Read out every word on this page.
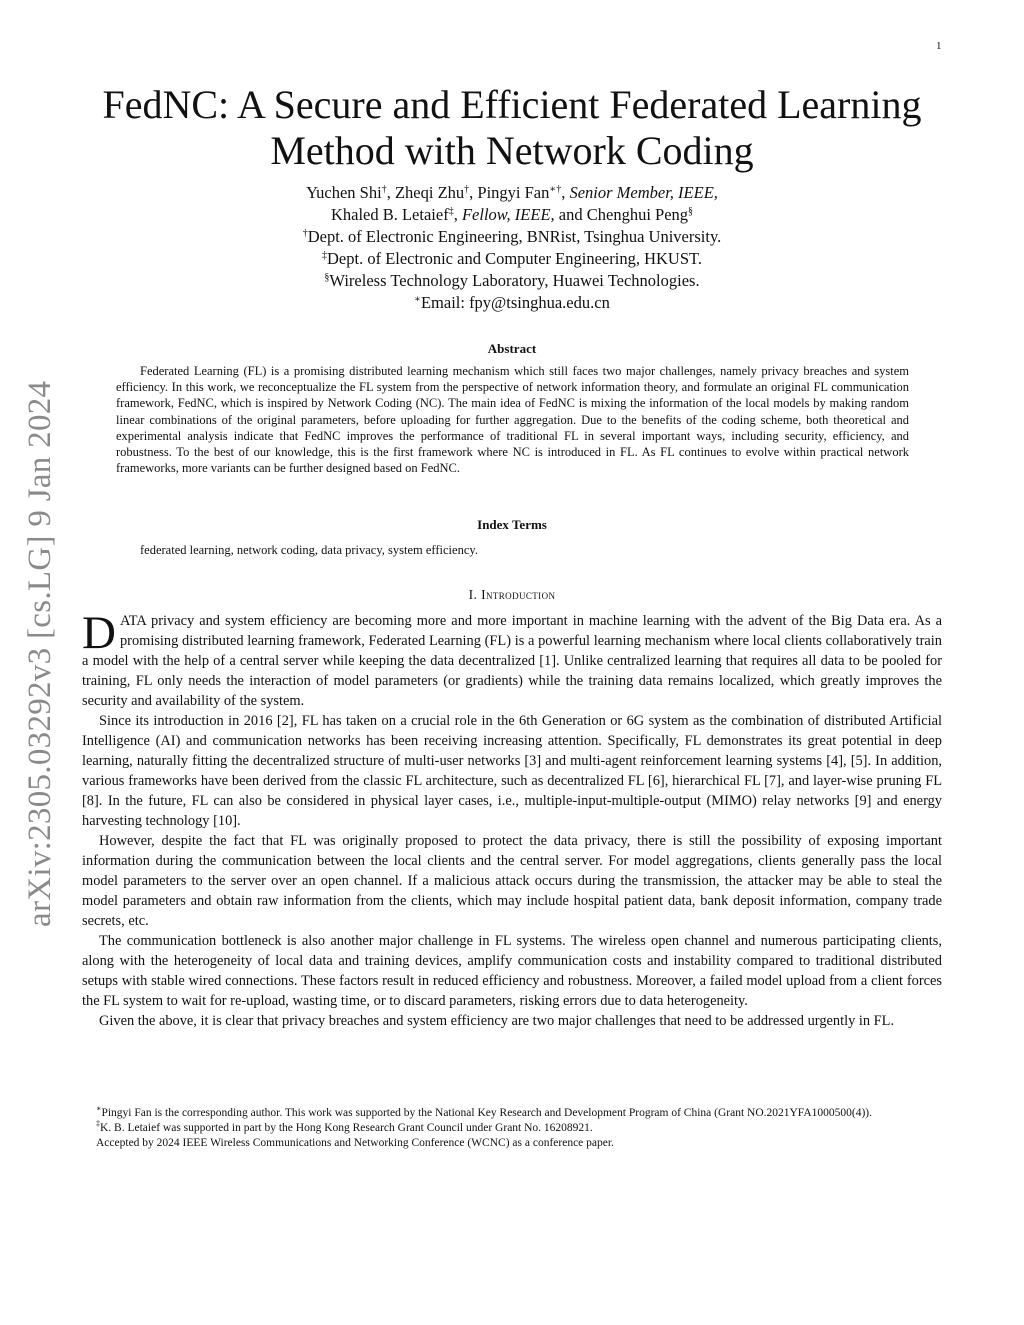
1
arXiv:2305.03292v3 [cs.LG] 9 Jan 2024
FedNC: A Secure and Efficient Federated Learning
Method with Network Coding
Yuchen Shi†, Zheqi Zhu†, Pingyi Fan∗†, Senior Member, IEEE,
Khaled B. Letaief‡, Fellow, IEEE, and Chenghui Peng§
†Dept. of Electronic Engineering, BNRist, Tsinghua University.
‡Dept. of Electronic and Computer Engineering, HKUST.
§Wireless Technology Laboratory, Huawei Technologies.
∗Email: fpy@tsinghua.edu.cn
Abstract
Federated Learning (FL) is a promising distributed learning mechanism which still faces two major challenges, namely privacy breaches and system efficiency. In this work, we reconceptualize the FL system from the perspective of network information theory, and formulate an original FL communication framework, FedNC, which is inspired by Network Coding (NC). The main idea of FedNC is mixing the information of the local models by making random linear combinations of the original parameters, before uploading for further aggregation. Due to the benefits of the coding scheme, both theoretical and experimental analysis indicate that FedNC improves the performance of traditional FL in several important ways, including security, efficiency, and robustness. To the best of our knowledge, this is the first framework where NC is introduced in FL. As FL continues to evolve within practical network frameworks, more variants can be further designed based on FedNC.
Index Terms
federated learning, network coding, data privacy, system efficiency.
I. Introduction

DATA privacy and system efficiency are becoming more and more important in machine learning with the advent of the Big Data era. As a promising distributed learning framework, Federated Learning (FL) is a powerful learning mechanism where local clients collaboratively train a model with the help of a central server while keeping the data decentralized [1]. Unlike centralized learning that requires all data to be pooled for training, FL only needs the interaction of model parameters (or gradients) while the training data remains localized, which greatly improves the security and availability of the system.

Since its introduction in 2016 [2], FL has taken on a crucial role in the 6th Generation or 6G system as the combination of distributed Artificial Intelligence (AI) and communication networks has been receiving increasing attention. Specifically, FL demonstrates its great potential in deep learning, naturally fitting the decentralized structure of multi-user networks [3] and multi-agent reinforcement learning systems [4], [5]. In addition, various frameworks have been derived from the classic FL architecture, such as decentralized FL [6], hierarchical FL [7], and layer-wise pruning FL [8]. In the future, FL can also be considered in physical layer cases, i.e., multiple-input-multiple-output (MIMO) relay networks [9] and energy harvesting technology [10].

However, despite the fact that FL was originally proposed to protect the data privacy, there is still the possibility of exposing important information during the communication between the local clients and the central server. For model aggregations, clients generally pass the local model parameters to the server over an open channel. If a malicious attack occurs during the transmission, the attacker may be able to steal the model parameters and obtain raw information from the clients, which may include hospital patient data, bank deposit information, company trade secrets, etc.

The communication bottleneck is also another major challenge in FL systems. The wireless open channel and numerous participating clients, along with the heterogeneity of local data and training devices, amplify communication costs and instability compared to traditional distributed setups with stable wired connections. These factors result in reduced efficiency and robustness. Moreover, a failed model upload from a client forces the FL system to wait for re-upload, wasting time, or to discard parameters, risking errors due to data heterogeneity.

Given the above, it is clear that privacy breaches and system efficiency are two major challenges that need to be addressed urgently in FL.

∗Pingyi Fan is the corresponding author. This work was supported by the National Key Research and Development Program of China (Grant NO.2021YFA1000500(4)).

‡K. B. Letaief was supported in part by the Hong Kong Research Grant Council under Grant No. 16208921.

Accepted by 2024 IEEE Wireless Communications and Networking Conference (WCNC) as a conference paper.
